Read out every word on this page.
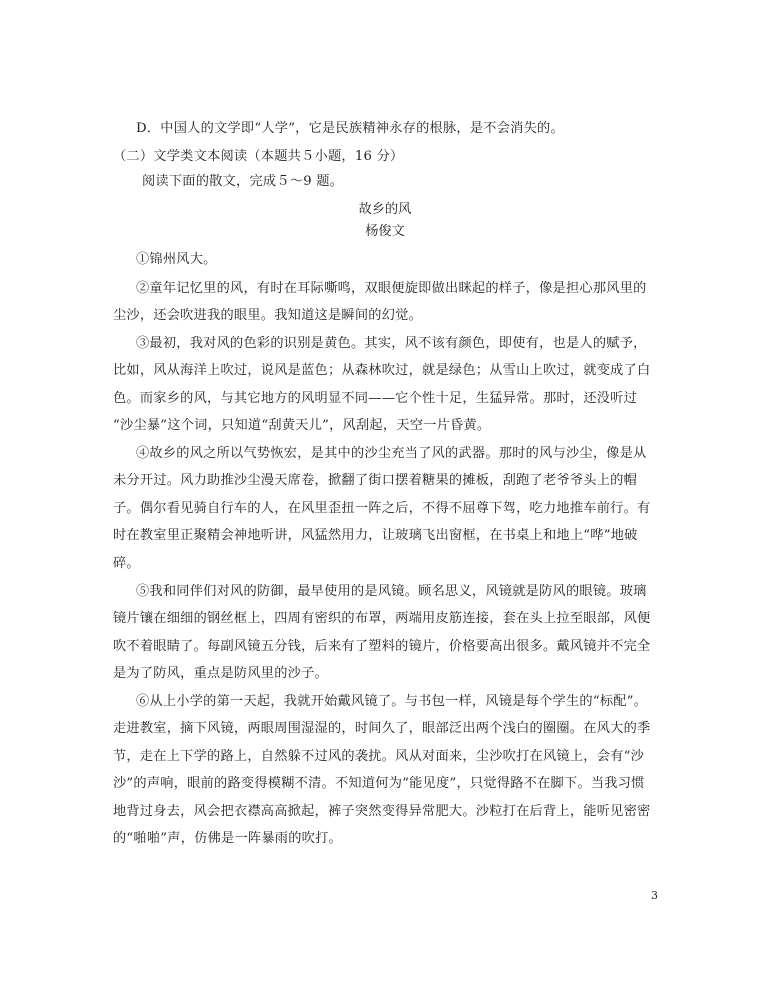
D．中国人的文学即“人学”，它是民族精神永存的根脉，是不会消失的。
（二）文学类文本阅读（本题共５小题，16 分）
阅读下面的散文，完成５～9 题。
故乡的风
杨俊文
①锦州风大。
②童年记忆里的风，有时在耳际嘶鸣，双眼便旋即做出眯起的样子，像是担心那风里的
尘沙，还会吹进我的眼里。我知道这是瞬间的幻觉。
③最初，我对风的色彩的识别是黄色。其实，风不该有颜色，即使有，也是人的赋予，
比如，风从海洋上吹过，说风是蓝色；从森林吹过，就是绿色；从雪山上吹过，就变成了白
色。而家乡的风，与其它地方的风明显不同——它个性十足，生猛异常。那时，还没听过
“沙尘暴”这个词，只知道“刮黄天儿”，风刮起，天空一片昏黄。
④故乡的风之所以气势恢宏，是其中的沙尘充当了风的武器。那时的风与沙尘，像是从
未分开过。风力助推沙尘漫天席卷，掀翻了街口摆着糖果的摊板，刮跑了老爷爷头上的帽
子。偶尔看见骑自行车的人，在风里歪扭一阵之后，不得不屈尊下驾，吃力地推车前行。有
时在教室里正聚精会神地听讲，风猛然用力，让玻璃飞出窗框，在书桌上和地上“哗”地破
碎。
⑤我和同伴们对风的防御，最早使用的是风镜。顾名思义，风镜就是防风的眼镜。玻璃
镜片镶在细细的钢丝框上，四周有密织的布罩，两端用皮筋连接，套在头上拉至眼部，风便
吹不着眼睛了。每副风镜五分钱，后来有了塑料的镜片，价格要高出很多。戴风镜并不完全
是为了防风，重点是防风里的沙子。
⑥从上小学的第一天起，我就开始戴风镜了。与书包一样，风镜是每个学生的“标配”。
走进教室，摘下风镜，两眼周围湿湿的，时间久了，眼部泛出两个浅白的圈圈。在风大的季
节，走在上下学的路上，自然躲不过风的袭扰。风从对面来，尘沙吹打在风镜上，会有“沙
沙”的声响，眼前的路变得模糊不清。不知道何为“能见度”，只觉得路不在脚下。当我习惯
地背过身去，风会把衣襟高高掀起，裤子突然变得异常肥大。沙粒打在后背上，能听见密密
的“啪啪”声，仿佛是一阵暴雨的吹打。
3
